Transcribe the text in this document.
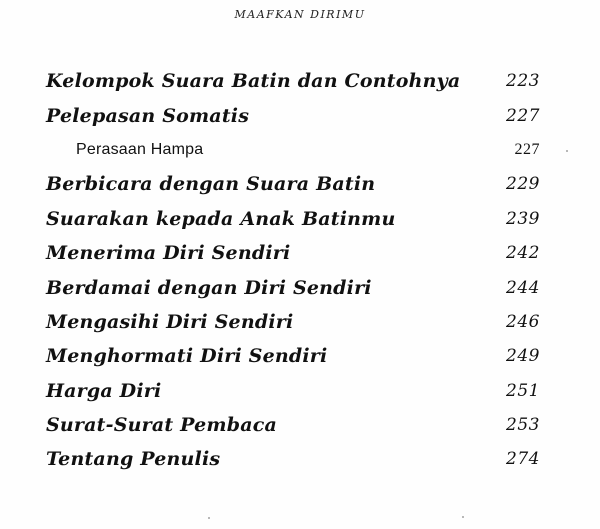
MAAFKAN DIRIMU
Kelompok Suara Batin dan Contohnya	223
Pelepasan Somatis	227
Perasaan Hampa	227
Berbicara dengan Suara Batin	229
Suarakan kepada Anak Batinmu	239
Menerima Diri Sendiri	242
Berdamai dengan Diri Sendiri	244
Mengasihi Diri Sendiri	246
Menghormati Diri Sendiri	249
Harga Diri	251
Surat-Surat Pembaca	253
Tentang Penulis	274
